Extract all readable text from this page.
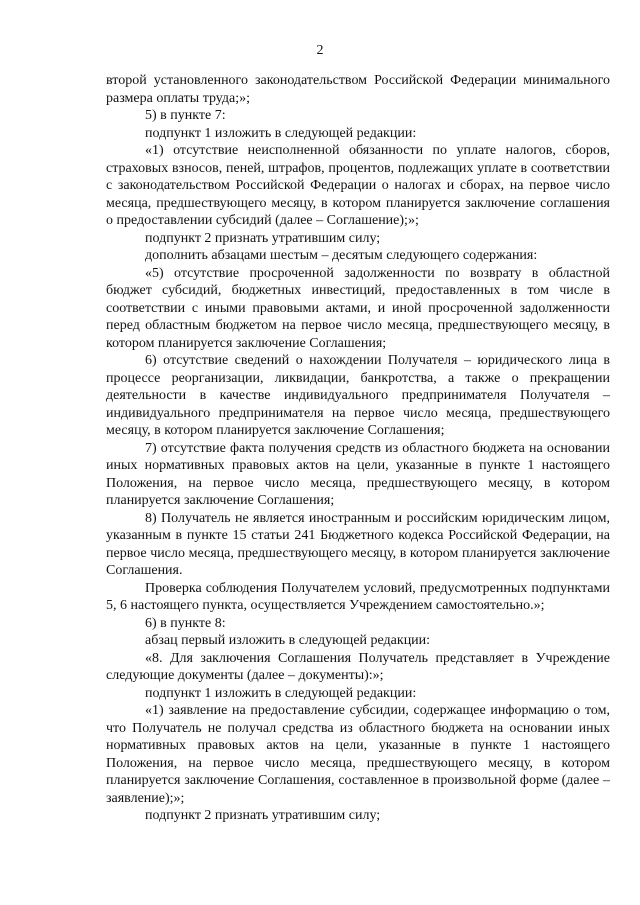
2

второй установленного законодательством Российской Федерации минимального размера оплаты труда;»;

5) в пункте 7:

подпункт 1 изложить в следующей редакции:

«1) отсутствие неисполненной обязанности по уплате налогов, сборов, страховых взносов, пеней, штрафов, процентов, подлежащих уплате в соответствии с законодательством Российской Федерации о налогах и сборах, на первое число месяца, предшествующего месяцу, в котором планируется заключение соглашения о предоставлении субсидий (далее – Соглашение);»;

подпункт 2 признать утратившим силу;

дополнить абзацами шестым – десятым следующего содержания:

«5) отсутствие просроченной задолженности по возврату в областной бюджет субсидий, бюджетных инвестиций, предоставленных в том числе в соответствии с иными правовыми актами, и иной просроченной задолженности перед областным бюджетом на первое число месяца, предшествующего месяцу, в котором планируется заключение Соглашения;

6) отсутствие сведений о нахождении Получателя – юридического лица в процессе реорганизации, ликвидации, банкротства, а также о прекращении деятельности в качестве индивидуального предпринимателя Получателя – индивидуального предпринимателя на первое число месяца, предшествующего месяцу, в котором планируется заключение Соглашения;

7) отсутствие факта получения средств из областного бюджета на основании иных нормативных правовых актов на цели, указанные в пункте 1 настоящего Положения, на первое число месяца, предшествующего месяцу, в котором планируется заключение Соглашения;

8) Получатель не является иностранным и российским юридическим лицом, указанным в пункте 15 статьи 241 Бюджетного кодекса Российской Федерации, на первое число месяца, предшествующего месяцу, в котором планируется заключение Соглашения.

Проверка соблюдения Получателем условий, предусмотренных подпунктами 5, 6 настоящего пункта, осуществляется Учреждением самостоятельно.»;

6) в пункте 8:

абзац первый изложить в следующей редакции:

«8. Для заключения Соглашения Получатель представляет в Учреждение следующие документы (далее – документы):»;

подпункт 1 изложить в следующей редакции:

«1) заявление на предоставление субсидии, содержащее информацию о том, что Получатель не получал средства из областного бюджета на основании иных нормативных правовых актов на цели, указанные в пункте 1 настоящего Положения, на первое число месяца, предшествующего месяцу, в котором планируется заключение Соглашения, составленное в произвольной форме (далее – заявление);»;

подпункт 2 признать утратившим силу;
